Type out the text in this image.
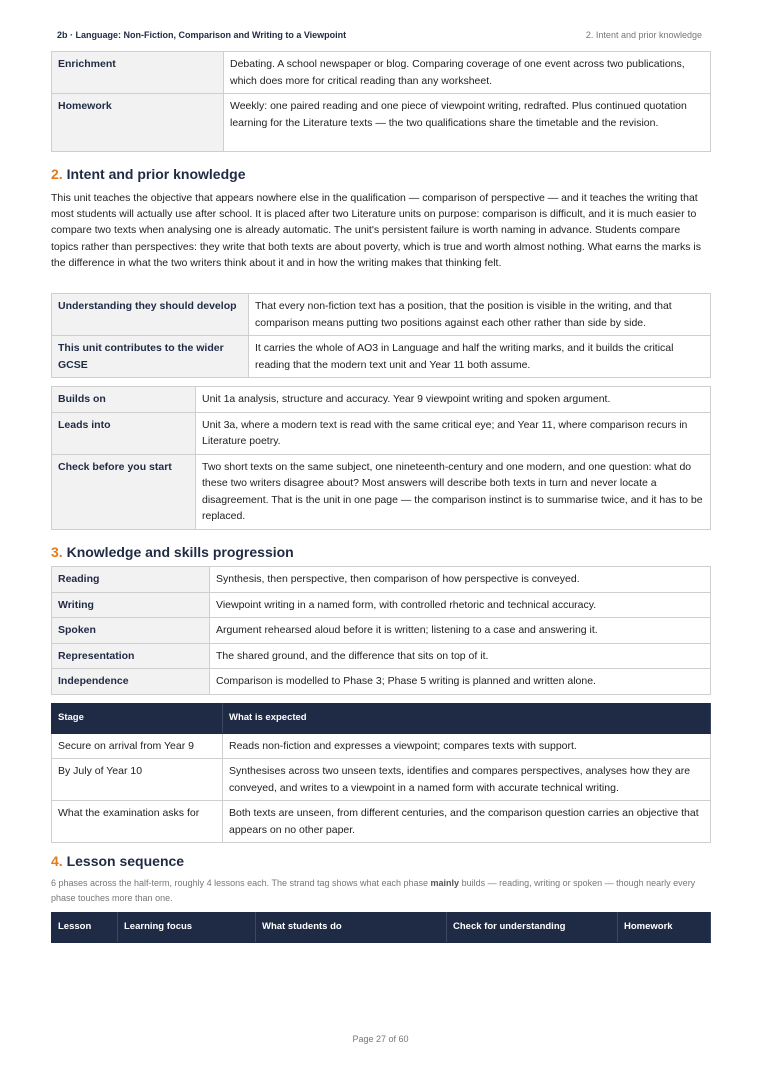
2b · Language: Non-Fiction, Comparison and Writing to a Viewpoint	2. Intent and prior knowledge
Enrichment	Debating. A school newspaper or blog. Comparing coverage of one event across two publications, which does more for critical reading than any worksheet.
Homework	Weekly: one paired reading and one piece of viewpoint writing, redrafted. Plus continued quotation learning for the Literature texts — the two qualifications share the timetable and the revision.
2. Intent and prior knowledge

This unit teaches the objective that appears nowhere else in the qualification — comparison of perspective — and it teaches the writing that most students will actually use after school. It is placed after two Literature units on purpose: comparison is difficult, and it is much easier to compare two texts when analysing one is already automatic. The unit's persistent failure is worth naming in advance. Students compare topics rather than perspectives: they write that both texts are about poverty, which is true and worth almost nothing. What earns the marks is the difference in what the two writers think about it and in how the writing makes that thinking felt.

Understanding they should develop	That every non-fiction text has a position, that the position is visible in the writing, and that comparison means putting two positions against each other rather than side by side.
This unit contributes to the wider GCSE	It carries the whole of AO3 in Language and half the writing marks, and it builds the critical reading that the modern text unit and Year 11 both assume.
Builds on	Unit 1a analysis, structure and accuracy. Year 9 viewpoint writing and spoken argument.
Leads into	Unit 3a, where a modern text is read with the same critical eye; and Year 11, where comparison recurs in Literature poetry.
Check before you start	Two short texts on the same subject, one nineteenth-century and one modern, and one question: what do these two writers disagree about? Most answers will describe both texts in turn and never locate a disagreement. That is the unit in one page — the comparison instinct is to summarise twice, and it has to be replaced.
3. Knowledge and skills progression
Reading	Synthesis, then perspective, then comparison of how perspective is conveyed.
Writing	Viewpoint writing in a named form, with controlled rhetoric and technical accuracy.
Spoken	Argument rehearsed aloud before it is written; listening to a case and answering it.
Representation	The shared ground, and the difference that sits on top of it.
Independence	Comparison is modelled to Phase 3; Phase 5 writing is planned and written alone.
Stage	What is expected
Secure on arrival from Year 9	Reads non-fiction and expresses a viewpoint; compares texts with support.
By July of Year 10	Synthesises across two unseen texts, identifies and compares perspectives, analyses how they are conveyed, and writes to a viewpoint in a named form with accurate technical writing.
What the examination asks for	Both texts are unseen, from different centuries, and the comparison question carries an objective that appears on no other paper.
4. Lesson sequence

6 phases across the half-term, roughly 4 lessons each. The strand tag shows what each phase mainly builds — reading, writing or spoken — though nearly every phase touches more than one.

Lesson	Learning focus	What students do	Check for understanding	Homework
Page 27 of 60
